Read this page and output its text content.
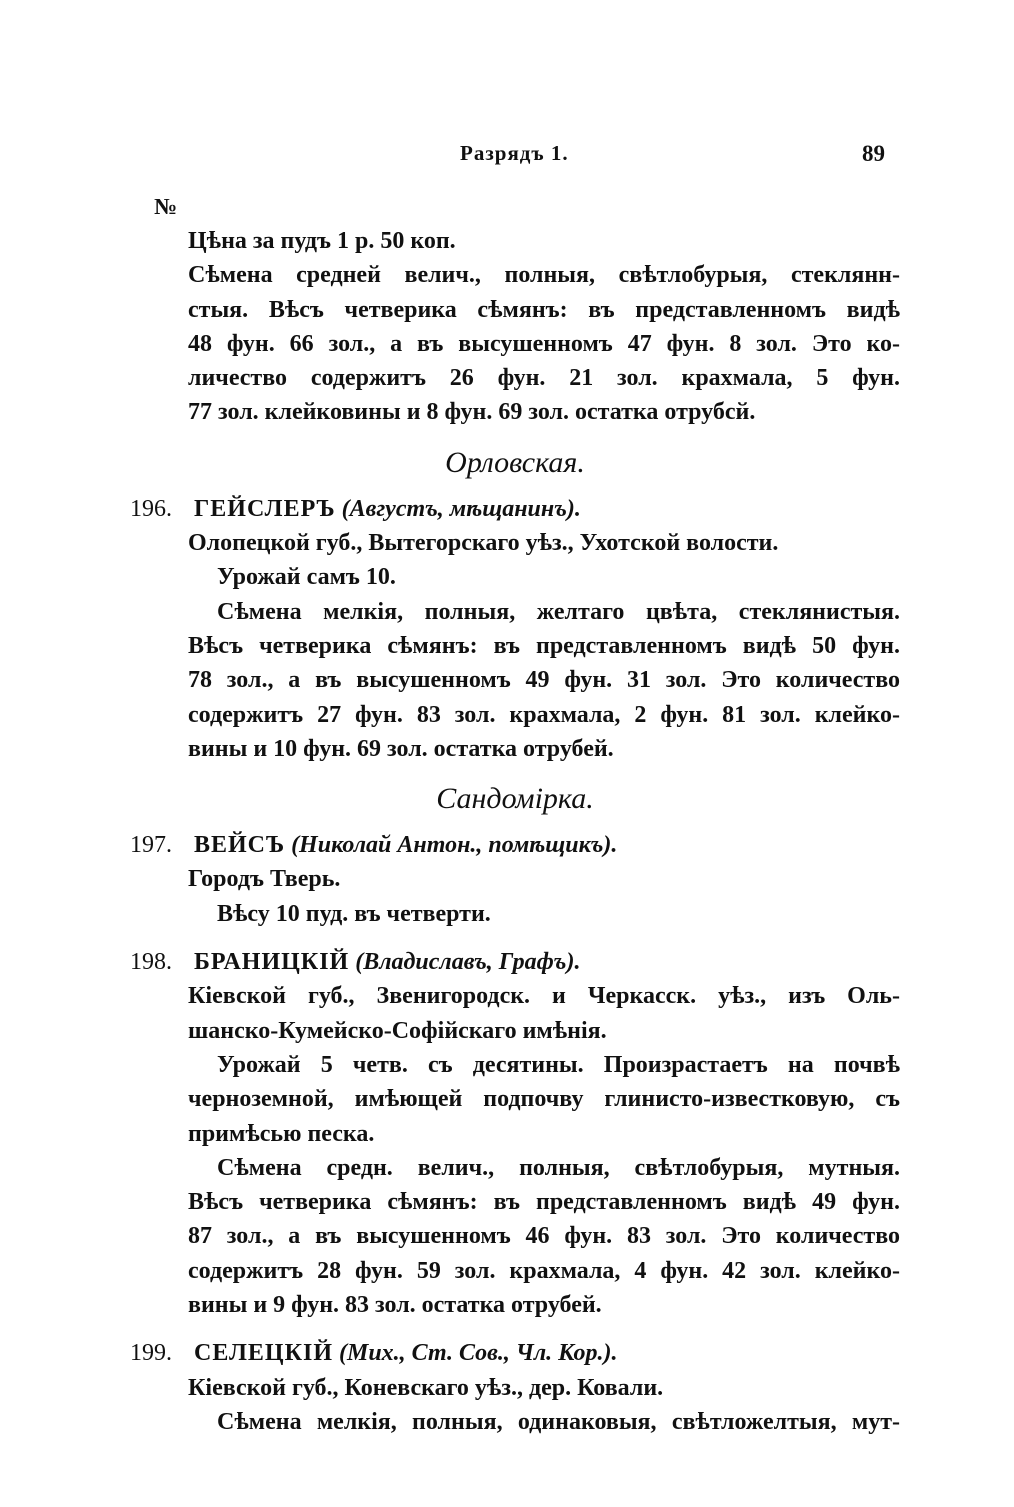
Разрядъ 1.	89
№
Цѣна за пудъ 1 р. 50 коп.
Сѣмена средней велич., полныя, свѣтлобурыя, стеклянн-
стыя. Вѣсъ четверика сѣмянъ: въ представленномъ видѣ
48 фун. 66 зол., а въ высушенномъ 47 фун. 8 зол. Это ко-
личество содержитъ 26 фун. 21 зол. крахмала, 5 фун.
77 зол. клейковины и 8 фун. 69 зол. остатка отрубсй.
Орловская.
196. ГЕЙСЛЕРЪ (Августъ, мѣщанинъ).
Олопецкой губ., Вытегорскаго уѣз., Ухотской волости.
Урожай самъ 10.
Сѣмена мелкія, полныя, желтаго цвѣта, стеклянистыя.
Вѣсъ четверика сѣмянъ: въ представленномъ видѣ 50 фун.
78 зол., а въ высушенномъ 49 фун. 31 зол. Это количество
содержитъ 27 фун. 83 зол. крахмала, 2 фун. 81 зол. клейко-
вины и 10 фун. 69 зол. остатка отрубей.
Сандомірка.
197. ВЕЙСЪ (Николай Антон., помѣщикъ).
Городъ Тверь.
Вѣсу 10 пуд. въ четверти.
198. БРАНИЦКІЙ (Владиславъ, Графъ).
Кіевской губ., Звенигородск. и Черкасск. уѣз., изъ Оль-
шанско-Кумейско-Софійскаго имѣнія.
Урожай 5 четв. съ десятины. Произрастаетъ на почвѣ
черноземной, имѣющей подпочву глинисто-известковую, съ
примѣсью песка.
Сѣмена средн. велич., полныя, свѣтлобурыя, мутныя.
Вѣсъ четверика сѣмянъ: въ представленномъ видѣ 49 фун.
87 зол., а въ высушенномъ 46 фун. 83 зол. Это количество
содержитъ 28 фун. 59 зол. крахмала, 4 фун. 42 зол. клейко-
вины и 9 фун. 83 зол. остатка отрубей.
199. СЕЛЕЦКІЙ (Мих., Ст. Сов., Чл. Кор.).
Кіевской губ., Коневскаго уѣз., дер. Ковали.
Сѣмена мелкія, полныя, одинаковыя, свѣтложелтыя, мут-
